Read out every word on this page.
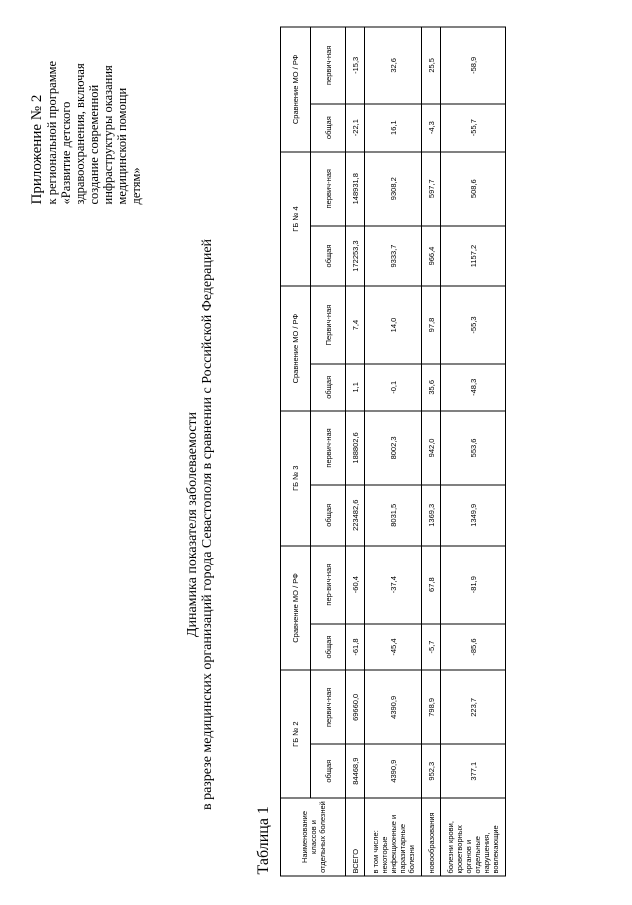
Приложение № 2 к региональной программе «Развитие детского здравоохранения, включая создание современной инфраструктуры оказания медицинской помощи детям»
Динамика показателя заболеваемости в разрезе медицинских организаций города Севастополя в сравнении с Российской Федерацией
Таблица 1	Наименование классов и отдельных болезней	ГБ № 2		Сравнение МО / РФ		ГБ № 3		Сравнение МО / РФ		ГБ № 4		Сравнение МО / РФ	
	общая	первич-ная	общая	пер-вич-ная	общая	первич-ная	общая	Первич-ная	общая	первич-ная	общая	первич-ная
ВСЕГО	84468,9	69660,0	-61,8	-60,4	223482,6	188802,6	1,1	7,4	172253,3	148931,8	-22,1	-15,3
в том числе: некоторые инфекционные и паразитарные болезни	4390,9	4390,9	-45,4	-37,4	8031,5	8002,3	-0,1	14,0	9333,7	9308,2	16,1	32,6
новообразования	952,3	798,9	-5,7	67,8	1369,3	942,0	35,6	97,8	966,4	597,7	-4,3	25,5
болезни крови, кроветворных органов и отдельные нарушения, вовлекающие	377,1	223,7	-85,6	-81,9	1349,9	553,6	-48,3	-55,3	1157,2	508,6	-55,7	-58,9
